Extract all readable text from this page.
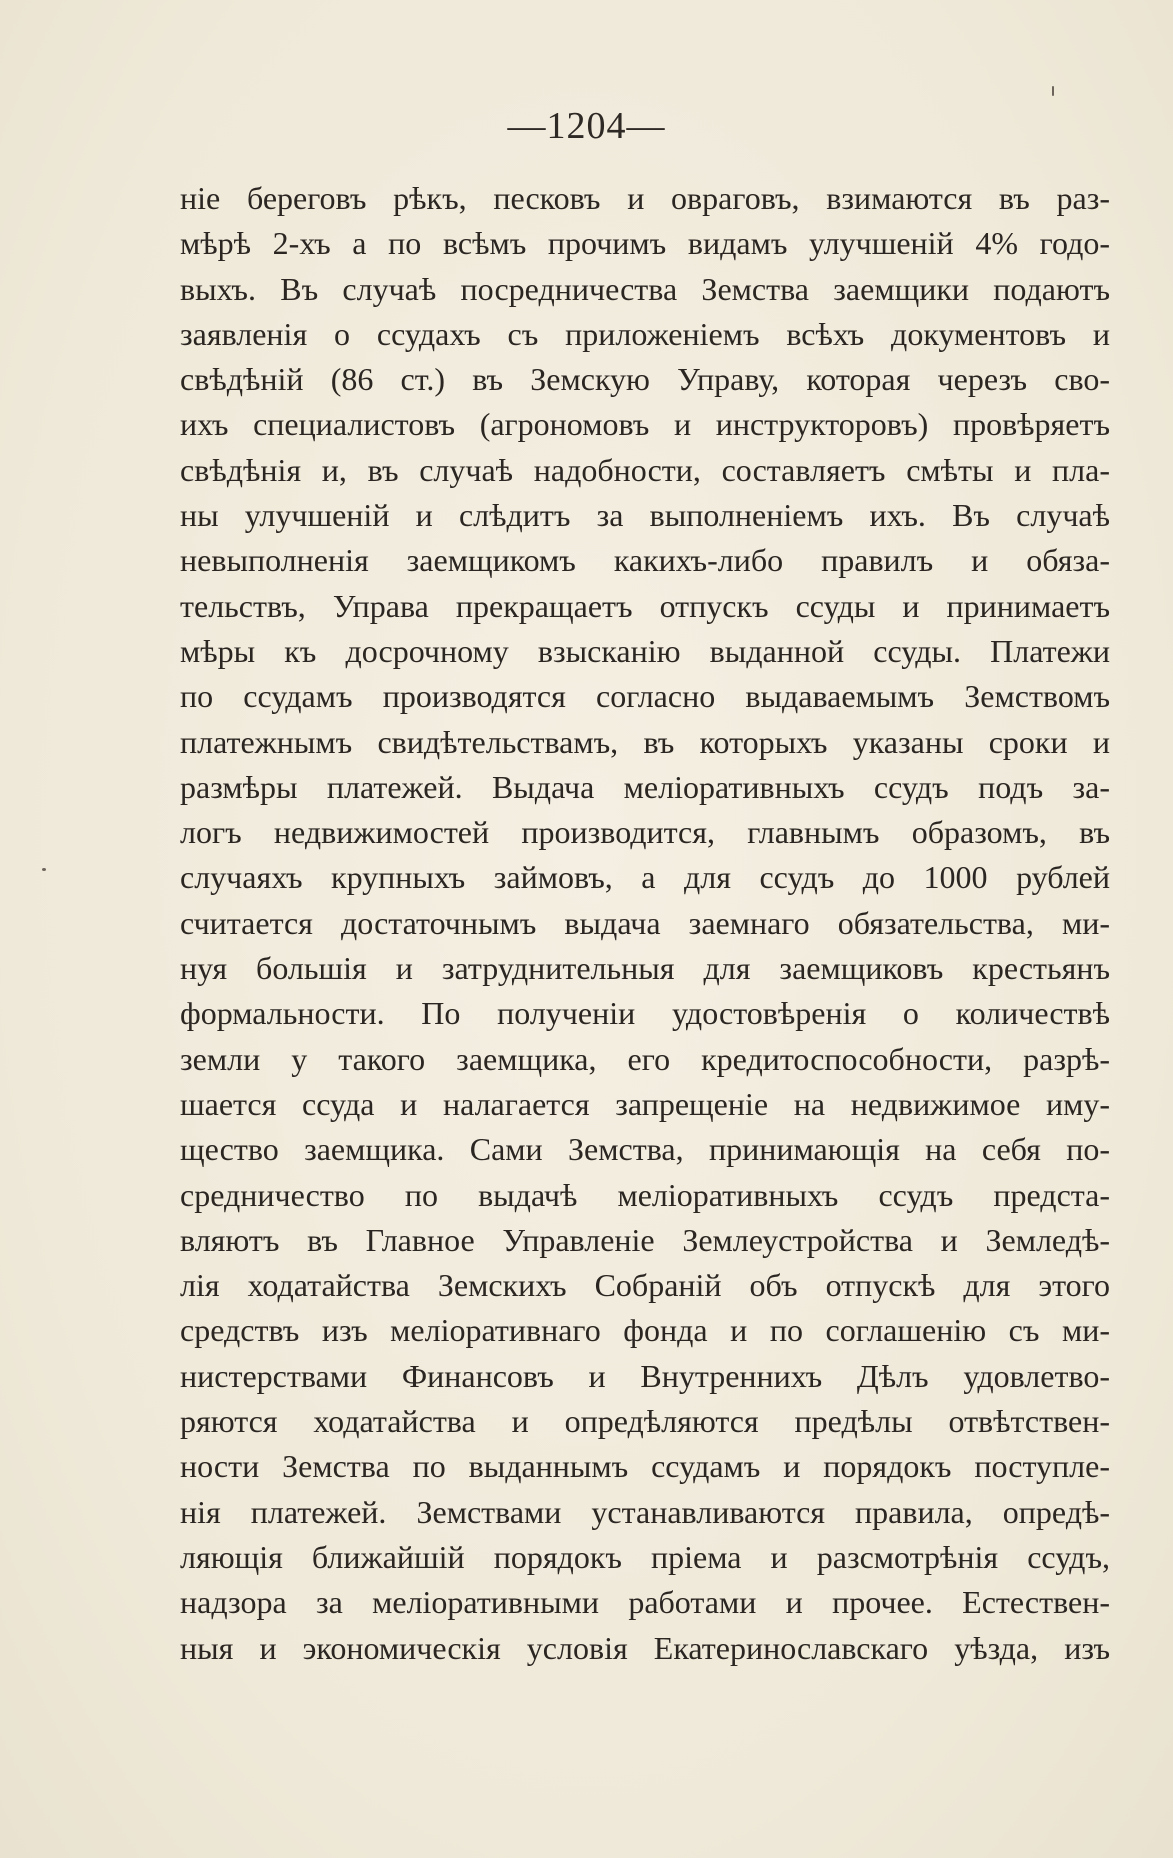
—1204—
ніе береговъ рѣкъ, песковъ и овраговъ, взимаются въ раз-
мѣрѣ 2-хъ а по всѣмъ прочимъ видамъ улучшеній 4% годо-
выхъ. Въ случаѣ посредничества Земства заемщики подаютъ
заявленія о ссудахъ съ приложеніемъ всѣхъ документовъ и
свѣдѣній (86 ст.) въ Земскую Управу, которая черезъ сво-
ихъ специалистовъ (агрономовъ и инструкторовъ) провѣряетъ
свѣдѣнія и, въ случаѣ надобности, составляетъ смѣты и пла-
ны улучшеній и слѣдитъ за выполненіемъ ихъ. Въ случаѣ
невыполненія заемщикомъ какихъ-либо правилъ и обяза-
тельствъ, Управа прекращаетъ отпускъ ссуды и принимаетъ
мѣры къ досрочному взысканію выданной ссуды. Платежи
по ссудамъ производятся согласно выдаваемымъ Земствомъ
платежнымъ свидѣтельствамъ, въ которыхъ указаны сроки и
размѣры платежей. Выдача меліоративныхъ ссудъ подъ за-
логъ недвижимостей производится, главнымъ образомъ, въ
случаяхъ крупныхъ займовъ, а для ссудъ до 1000 рублей
считается достаточнымъ выдача заемнаго обязательства, ми-
нуя большія и затруднительныя для заемщиковъ крестьянъ
формальности. По полученіи удостовѣренія о количествѣ
земли у такого заемщика, его кредитоспособности, разрѣ-
шается ссуда и налагается запрещеніе на недвижимое иму-
щество заемщика. Сами Земства, принимающія на себя по-
средничество по выдачѣ меліоративныхъ ссудъ предста-
вляютъ въ Главное Управленіе Землеустройства и Земледѣ-
лія ходатайства Земскихъ Собраній объ отпускѣ для этого
средствъ изъ меліоративнаго фонда и по соглашенію съ ми-
нистерствами Финансовъ и Внутреннихъ Дѣлъ удовлетво-
ряются ходатайства и опредѣляются предѣлы отвѣтствен-
ности Земства по выданнымъ ссудамъ и порядокъ поступле-
нія платежей. Земствами устанавливаются правила, опредѣ-
ляющія ближайшій порядокъ пріема и разсмотрѣнія ссудъ,
надзора за меліоративными работами и прочее. Естествен-
ныя и экономическія условія Екатеринославскаго уѣзда, изъ
